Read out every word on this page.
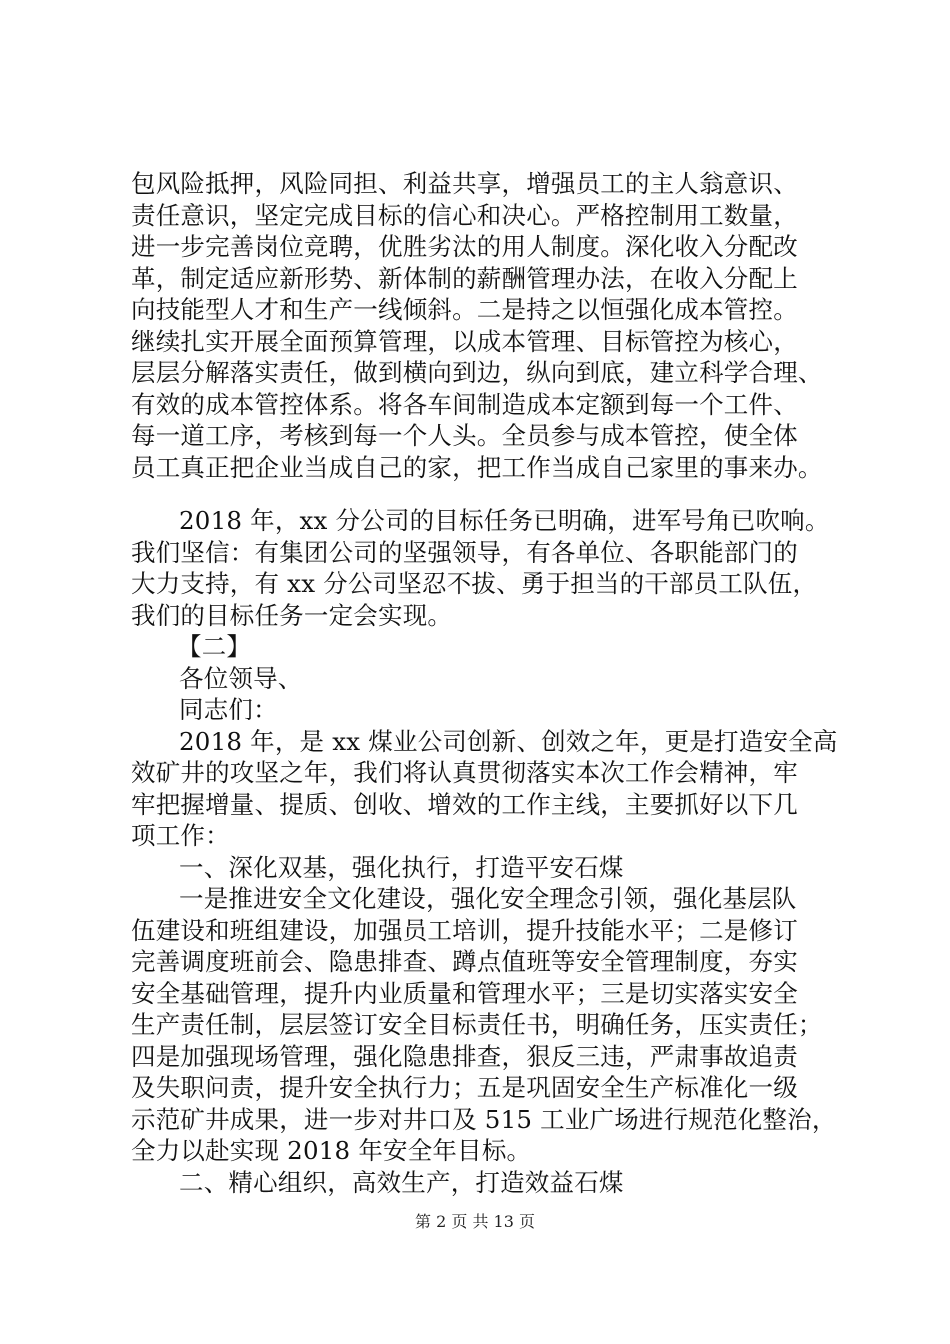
包风险抵押，风险同担、利益共享，增强员工的主人翁意识、
责任意识，坚定完成目标的信心和决心。严格控制用工数量，
进一步完善岗位竞聘，优胜劣汰的用人制度。深化收入分配改
革，制定适应新形势、新体制的薪酬管理办法，在收入分配上
向技能型人才和生产一线倾斜。二是持之以恒强化成本管控。
继续扎实开展全面预算管理，以成本管理、目标管控为核心，
层层分解落实责任，做到横向到边，纵向到底，建立科学合理、
有效的成本管控体系。将各车间制造成本定额到每一个工件、
每一道工序，考核到每一个人头。全员参与成本管控，使全体
员工真正把企业当成自己的家，把工作当成自己家里的事来办。
2018 年，xx 分公司的目标任务已明确，进军号角已吹响。
我们坚信：有集团公司的坚强领导，有各单位、各职能部门的
大力支持，有 xx 分公司坚忍不拔、勇于担当的干部员工队伍，
我们的目标任务一定会实现。
【二】
各位领导、
同志们：
2018 年，是 xx 煤业公司创新、创效之年，更是打造安全高
效矿井的攻坚之年，我们将认真贯彻落实本次工作会精神，牢
牢把握增量、提质、创收、增效的工作主线，主要抓好以下几
项工作：
一、深化双基，强化执行，打造平安石煤
一是推进安全文化建设，强化安全理念引领，强化基层队
伍建设和班组建设，加强员工培训，提升技能水平；二是修订
完善调度班前会、隐患排查、蹲点值班等安全管理制度，夯实
安全基础管理，提升内业质量和管理水平；三是切实落实安全
生产责任制，层层签订安全目标责任书，明确任务，压实责任；
四是加强现场管理，强化隐患排查，狠反三违，严肃事故追责
及失职问责，提升安全执行力；五是巩固安全生产标准化一级
示范矿井成果，进一步对井口及 515 工业广场进行规范化整治，
全力以赴实现 2018 年安全年目标。
二、精心组织，高效生产，打造效益石煤
第 2 页 共 13 页
